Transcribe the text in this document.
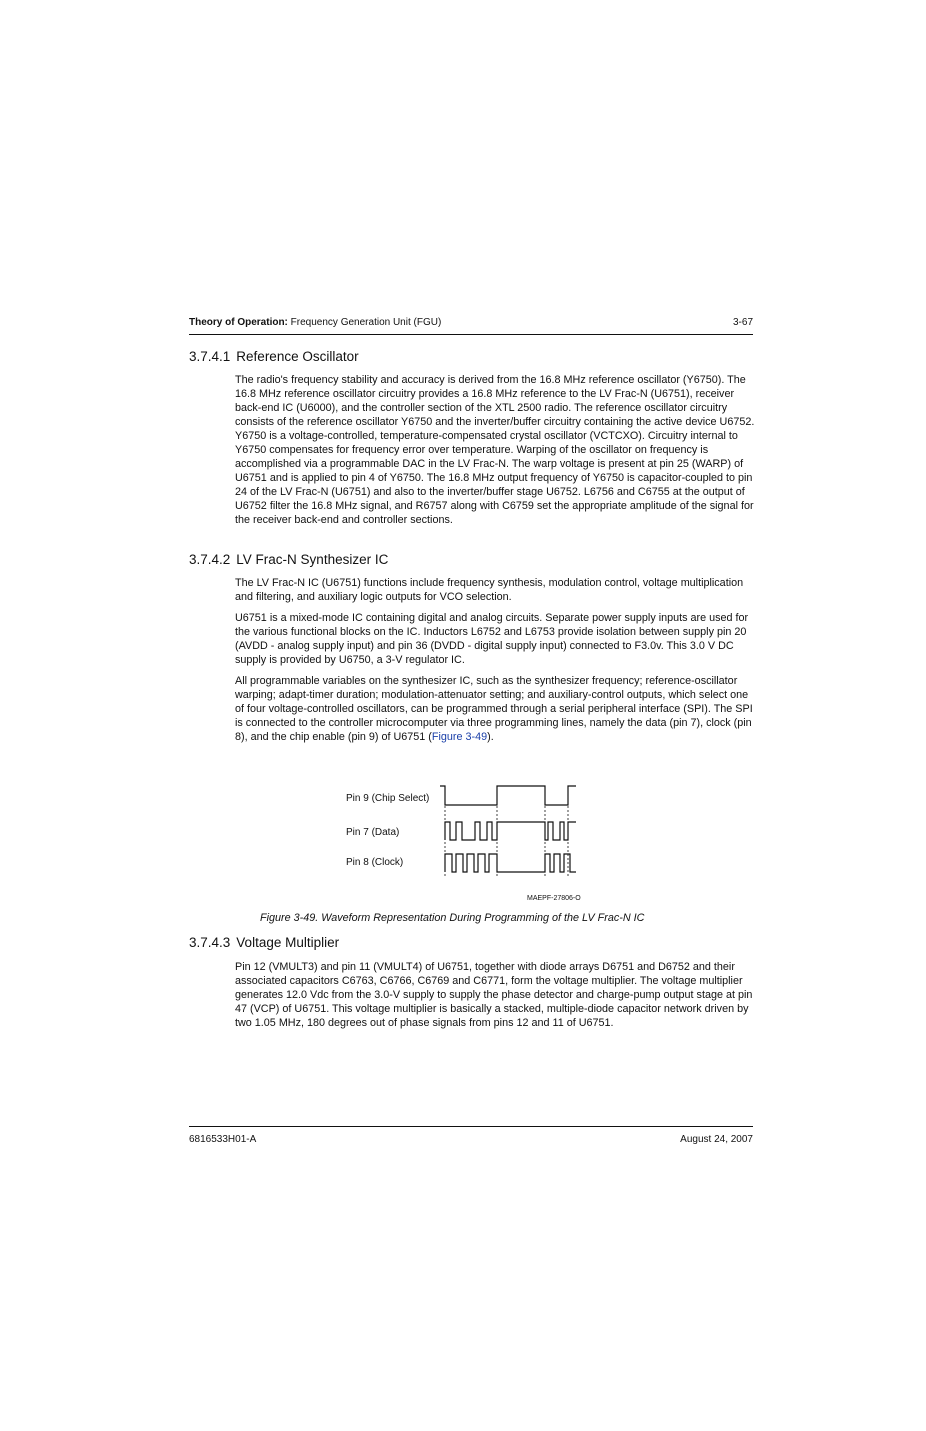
Theory of Operation: Frequency Generation Unit (FGU)	3-67
3.7.4.1 Reference Oscillator

The radio's frequency stability and accuracy is derived from the 16.8 MHz reference oscillator (Y6750). The 16.8 MHz reference oscillator circuitry provides a 16.8 MHz reference to the LV Frac-N (U6751), receiver back-end IC (U6000), and the controller section of the XTL 2500 radio. The reference oscillator circuitry consists of the reference oscillator Y6750 and the inverter/buffer circuitry containing the active device U6752. Y6750 is a voltage-controlled, temperature-compensated crystal oscillator (VCTCXO). Circuitry internal to Y6750 compensates for frequency error over temperature. Warping of the oscillator on frequency is accomplished via a programmable DAC in the LV Frac-N. The warp voltage is present at pin 25 (WARP) of U6751 and is applied to pin 4 of Y6750. The 16.8 MHz output frequency of Y6750 is capacitor-coupled to pin 24 of the LV Frac-N (U6751) and also to the inverter/buffer stage U6752. L6756 and C6755 at the output of U6752 filter the 16.8 MHz signal, and R6757 along with C6759 set the appropriate amplitude of the signal for the receiver back-end and controller sections.

3.7.4.2 LV Frac-N Synthesizer IC

The LV Frac-N IC (U6751) functions include frequency synthesis, modulation control, voltage multiplication and filtering, and auxiliary logic outputs for VCO selection.

U6751 is a mixed-mode IC containing digital and analog circuits. Separate power supply inputs are used for the various functional blocks on the IC. Inductors L6752 and L6753 provide isolation between supply pin 20 (AVDD - analog supply input) and pin 36 (DVDD - digital supply input) connected to F3.0v. This 3.0 V DC supply is provided by U6750, a 3-V regulator IC.

All programmable variables on the synthesizer IC, such as the synthesizer frequency; reference-oscillator warping; adapt-timer duration; modulation-attenuator setting; and auxiliary-control outputs, which select one of four voltage-controlled oscillators, can be programmed through a serial peripheral interface (SPI). The SPI is connected to the controller microcomputer via three programming lines, namely the data (pin 7), clock (pin 8), and the chip enable (pin 9) of U6751 (Figure 3-49).

Pin 9 (Chip Select)
Pin 7 (Data)
Pin 8 (Clock)
MAEPF-27806-O
Figure 3-49. Waveform Representation During Programming of the LV Frac-N IC
3.7.4.3 Voltage Multiplier

Pin 12 (VMULT3) and pin 11 (VMULT4) of U6751, together with diode arrays D6751 and D6752 and their associated capacitors C6763, C6766, C6769 and C6771, form the voltage multiplier. The voltage multiplier generates 12.0 Vdc from the 3.0-V supply to supply the phase detector and charge-pump output stage at pin 47 (VCP) of U6751. This voltage multiplier is basically a stacked, multiple-diode capacitor network driven by two 1.05 MHz, 180 degrees out of phase signals from pins 12 and 11 of U6751.

6816533H01-A	August 24, 2007
